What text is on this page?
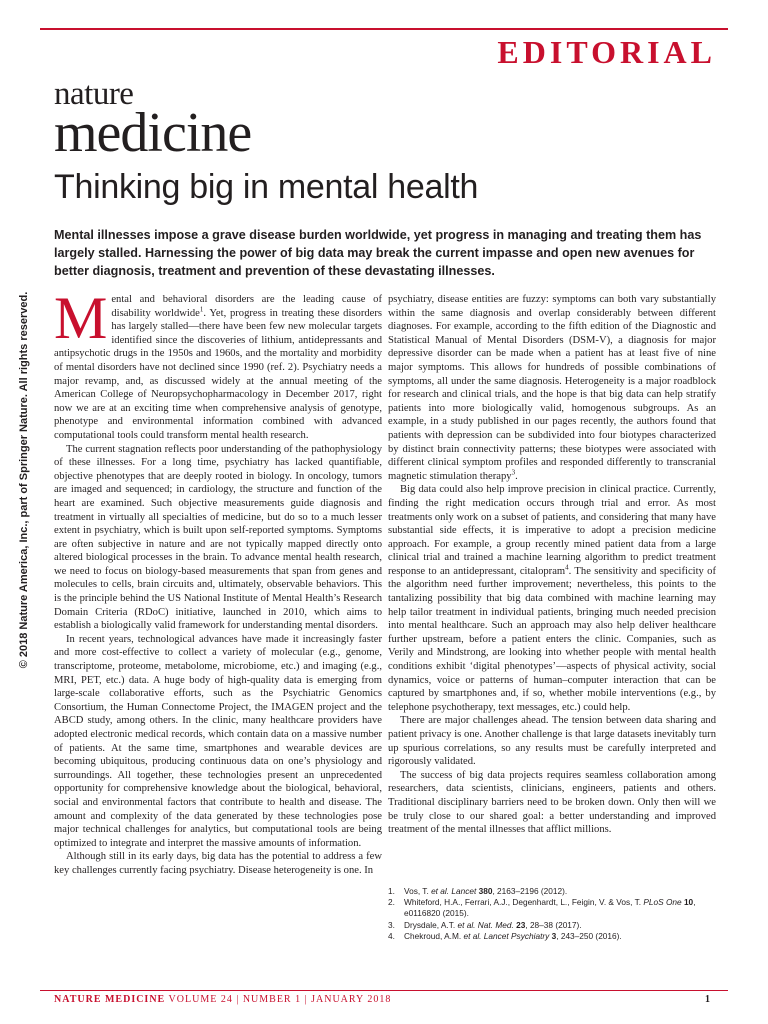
EDITORIAL
nature
medicine
Thinking big in mental health

Mental illnesses impose a grave disease burden worldwide, yet progress in managing and treating them has largely stalled. Harnessing the power of big data may break the current impasse and open new avenues for better diagnosis, treatment and prevention of these devastating illnesses.

© 2018 Nature America, Inc., part of Springer Nature. All rights reserved. Mental and behavioral disorders are the leading cause of disability worldwide$^1$. Yet, progress in treating these disorders has largely stalled—there have been few new molecular targets identified since the discoveries of lithium, antidepressants and antipsychotic drugs in the 1950s and 1960s, and the mortality and morbidity of mental disorders have not declined since 1990 (ref. 2). Psychiatry needs a major revamp, and, as discussed widely at the annual meeting of the American College of Neuropsychopharmacology in December 2017, right now we are at an exciting time when comprehensive analysis of genotype, phenotype and environmental information combined with advanced computational tools could transform mental health research.

The current stagnation reflects poor understanding of the pathophysiology of these illnesses. For a long time, psychiatry has lacked quantifiable, objective phenotypes that are deeply rooted in biology. In oncology, tumors are imaged and sequenced; in cardiology, the structure and function of the heart are examined. Such objective measurements guide diagnosis and treatment in virtually all specialties of medicine, but do so to a much lesser extent in psychiatry, which is built upon self-reported symptoms. Symptoms are often subjective in nature and are not typically mapped directly onto altered biological processes in the brain. To advance mental health research, we need to focus on biology-based measurements that span from genes and molecules to cells, brain circuits and, ultimately, observable behaviors. This is the principle behind the US National Institute of Mental Health’s Research Domain Criteria (RDoC) initiative, launched in 2010, which aims to establish a biologically valid framework for understanding mental disorders.

In recent years, technological advances have made it increasingly faster and more cost-effective to collect a variety of molecular (e.g., genome, transcriptome, proteome, metabolome, microbiome, etc.) and imaging (e.g., MRI, PET, etc.) data. A huge body of high-quality data is emerging from large-scale collaborative efforts, such as the Psychiatric Genomics Consortium, the Human Connectome Project, the IMAGEN project and the ABCD study, among others. In the clinic, many healthcare providers have adopted electronic medical records, which contain data on a massive number of patients. At the same time, smartphones and wearable devices are becoming ubiquitous, producing continuous data on one’s physiology and surroundings. All together, these technologies present an unprecedented opportunity for comprehensive knowledge about the biological, behavioral, social and environmental factors that contribute to health and disease. The amount and complexity of the data generated by these technologies pose major technical challenges for analytics, but computational tools are being optimized to integrate and interpret the massive amounts of information.

Although still in its early days, big data has the potential to address a few key challenges currently facing psychiatry. Disease heterogeneity is one. In

psychiatry, disease entities are fuzzy: symptoms can both vary substantially within the same diagnosis and overlap considerably between different diagnoses. For example, according to the fifth edition of the Diagnostic and Statistical Manual of Mental Disorders (DSM-V), a diagnosis for major depressive disorder can be made when a patient has at least five of nine major symptoms. This allows for hundreds of possible combinations of symptoms, all under the same diagnosis. Heterogeneity is a major roadblock for research and clinical trials, and the hope is that big data can help stratify patients into more biologically valid, homogenous subgroups. As an example, in a study published in our pages recently, the authors found that patients with depression can be subdivided into four biotypes characterized by distinct brain connectivity patterns; these biotypes were associated with different clinical symptom profiles and responded differently to transcranial magnetic stimulation therapy$^3$.

Big data could also help improve precision in clinical practice. Currently, finding the right medication occurs through trial and error. As most treatments only work on a subset of patients, and considering that many have substantial side effects, it is imperative to adopt a precision medicine approach. For example, a group recently mined patient data from a large clinical trial and trained a machine learning algorithm to predict treatment response to an antidepressant, citalopram$^4$. The sensitivity and specificity of the algorithm need further improvement; nevertheless, this points to the tantalizing possibility that big data combined with machine learning may help tailor treatment in individual patients, bringing much needed precision into mental healthcare. Such an approach may also help deliver healthcare further upstream, before a patient enters the clinic. Companies, such as Verily and Mindstrong, are looking into whether people with mental health conditions exhibit ‘digital phenotypes’—aspects of physical activity, social dynamics, voice or patterns of human–computer interaction that can be captured by smartphones and, if so, whether mobile interventions (e.g., by telephone psychotherapy, text messages, etc.) could help.

There are major challenges ahead. The tension between data sharing and patient privacy is one. Another challenge is that large datasets inevitably turn up spurious correlations, so any results must be carefully interpreted and rigorously validated.

The success of big data projects requires seamless collaboration among researchers, data scientists, clinicians, engineers, patients and others. Traditional disciplinary barriers need to be broken down. Only then will we be truly close to our shared goal: a better understanding and improved treatment of the mental illnesses that afflict millions.

1. Vos, T. et al. Lancet 380, 2163–2196 (2012).
2. Whiteford, H.A., Ferrari, A.J., Degenhardt, L., Feigin, V. & Vos, T. PLoS One 10, e0116820 (2015).
3. Drysdale, A.T. et al. Nat. Med. 23, 28–38 (2017).
4. Chekroud, A.M. et al. Lancet Psychiatry 3, 243–250 (2016).
NATURE MEDICINE VOLUME 24 | NUMBER 1 | JANUARY 2018	1
